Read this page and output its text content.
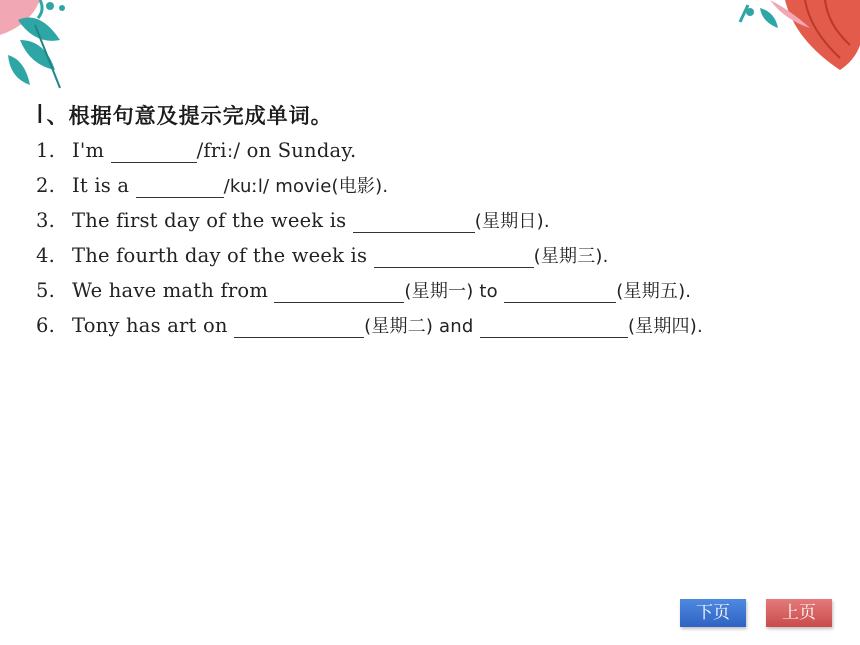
Ⅰ、根据句意及提示完成单词。
1. I'm	/friː/ on Sunday.
2. It is a	/kuːl/ movie(电影).
3. The first day of the week is	(星期日).
4. The fourth day of the week is	(星期三).
5. We have math from	(星期一) to	(星期五).
6. Tony has art on	(星期二) and	(星期四).
下页	上页
